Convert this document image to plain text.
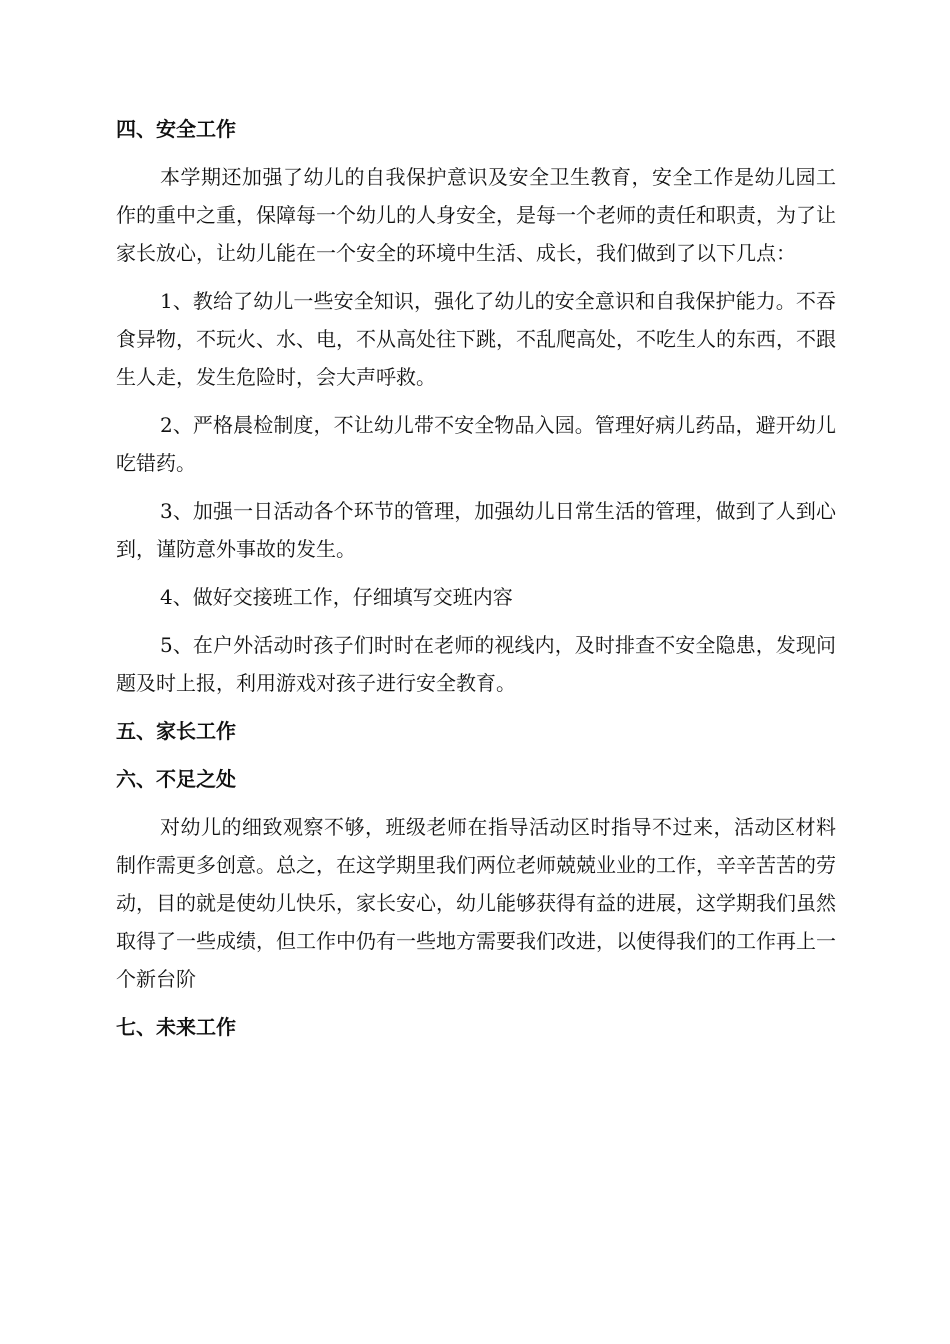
四、安全工作

本学期还加强了幼儿的自我保护意识及安全卫生教育，安全工作是幼儿园工作的重中之重，保障每一个幼儿的人身安全，是每一个老师的责任和职责，为了让家长放心，让幼儿能在一个安全的环境中生活、成长，我们做到了以下几点：

1、教给了幼儿一些安全知识，强化了幼儿的安全意识和自我保护能力。不吞食异物，不玩火、水、电，不从高处往下跳，不乱爬高处，不吃生人的东西，不跟生人走，发生危险时，会大声呼救。

2、严格晨检制度，不让幼儿带不安全物品入园。管理好病儿药品，避开幼儿吃错药。

3、加强一日活动各个环节的管理，加强幼儿日常生活的管理，做到了人到心到，谨防意外事故的发生。

4、做好交接班工作，仔细填写交班内容

5、在户外活动时孩子们时时在老师的视线内，及时排查不安全隐患，发现问题及时上报，利用游戏对孩子进行安全教育。

五、家长工作
六、不足之处

对幼儿的细致观察不够，班级老师在指导活动区时指导不过来，活动区材料制作需更多创意。总之，在这学期里我们两位老师兢兢业业的工作，辛辛苦苦的劳动，目的就是使幼儿快乐，家长安心，幼儿能够获得有益的进展，这学期我们虽然取得了一些成绩，但工作中仍有一些地方需要我们改进，以使得我们的工作再上一个新台阶

七、未来工作
